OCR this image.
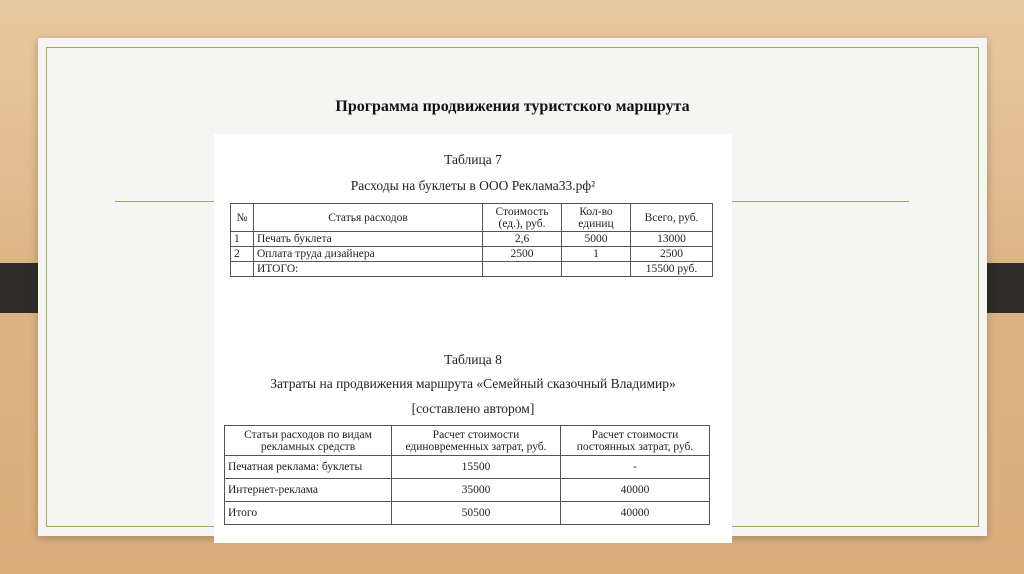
Программа продвижения туристского маршрута
Таблица 7
Расходы на буклеты в ООО Реклама33.рф²
№	Статья расходов	Стоимость (ед.), руб.	Кол-во единиц	Всего, руб.
1	Печать буклета	2,6	5000	13000
2	Оплата труда дизайнера	2500	1	2500
	ИТОГО:			15500 руб.
Таблица 8
Затраты на продвижения маршрута «Семейный сказочный Владимир»
[составлено автором]
Статьи расходов по видам рекламных средств	Расчет стоимости единовременных затрат, руб.	Расчет стоимости постоянных затрат, руб.
Печатная реклама: буклеты	15500	-
Интернет-реклама	35000	40000
Итого	50500	40000
